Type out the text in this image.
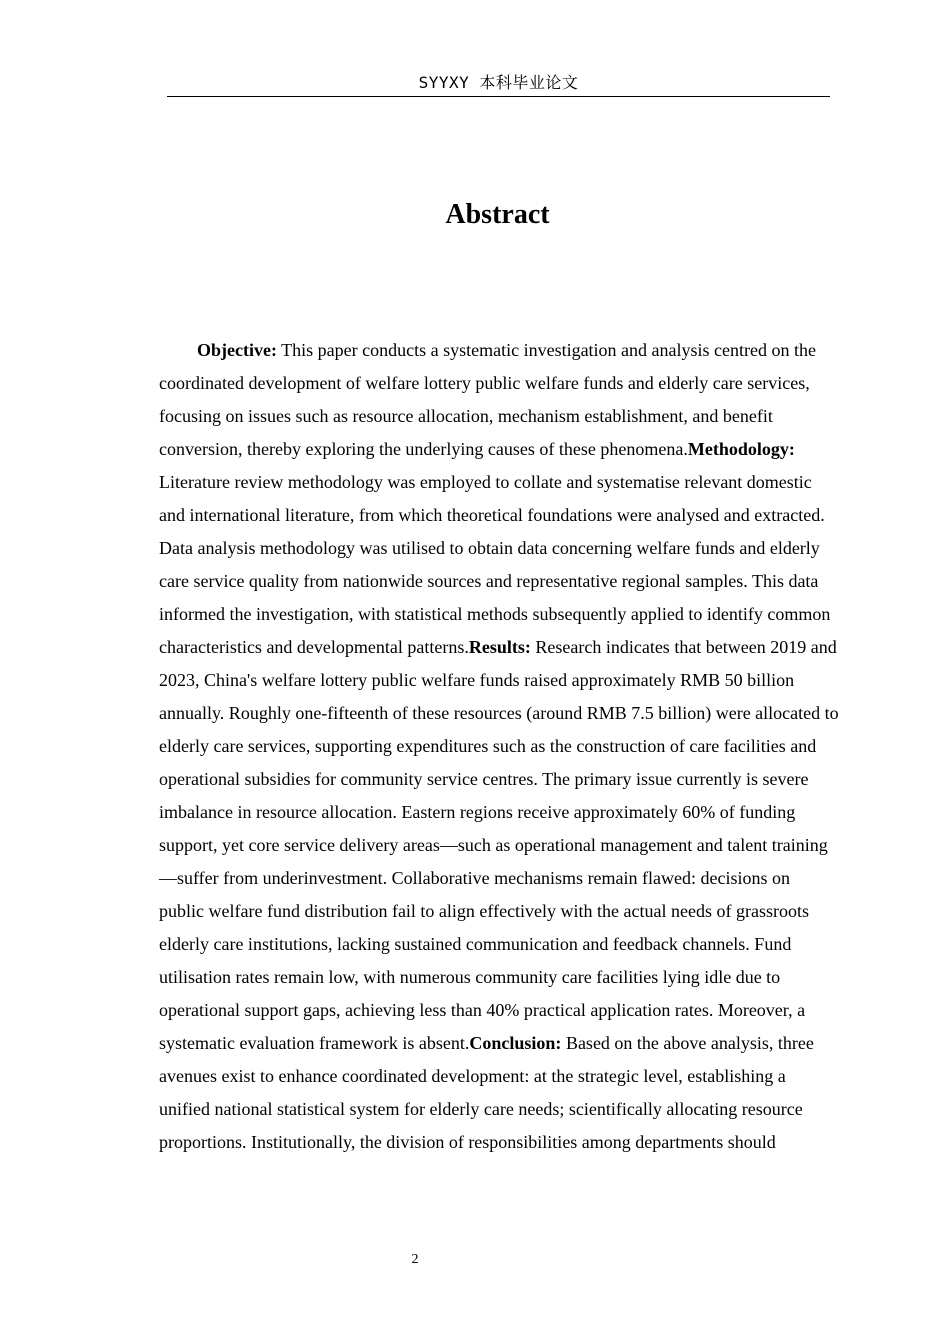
SYYXY 本科毕业论文
Abstract

Objective: This paper conducts a systematic investigation and analysis centred on the coordinated development of welfare lottery public welfare funds and elderly care services, focusing on issues such as resource allocation, mechanism establishment, and benefit conversion, thereby exploring the underlying causes of these phenomena.Methodology: Literature review methodology was employed to collate and systematise relevant domestic and international literature, from which theoretical foundations were analysed and extracted. Data analysis methodology was utilised to obtain data concerning welfare funds and elderly care service quality from nationwide sources and representative regional samples. This data informed the investigation, with statistical methods subsequently applied to identify common characteristics and developmental patterns.Results: Research indicates that between 2019 and 2023, China's welfare lottery public welfare funds raised approximately RMB 50 billion annually. Roughly one-fifteenth of these resources (around RMB 7.5 billion) were allocated to elderly care services, supporting expenditures such as the construction of care facilities and operational subsidies for community service centres. The primary issue currently is severe imbalance in resource allocation. Eastern regions receive approximately 60% of funding support, yet core service delivery areas—such as operational management and talent training—suffer from underinvestment. Collaborative mechanisms remain flawed: decisions on public welfare fund distribution fail to align effectively with the actual needs of grassroots elderly care institutions, lacking sustained communication and feedback channels. Fund utilisation rates remain low, with numerous community care facilities lying idle due to operational support gaps, achieving less than 40% practical application rates. Moreover, a systematic evaluation framework is absent.Conclusion: Based on the above analysis, three avenues exist to enhance coordinated development: at the strategic level, establishing a unified national statistical system for elderly care needs; scientifically allocating resource proportions. Institutionally, the division of responsibilities among departments should

2
